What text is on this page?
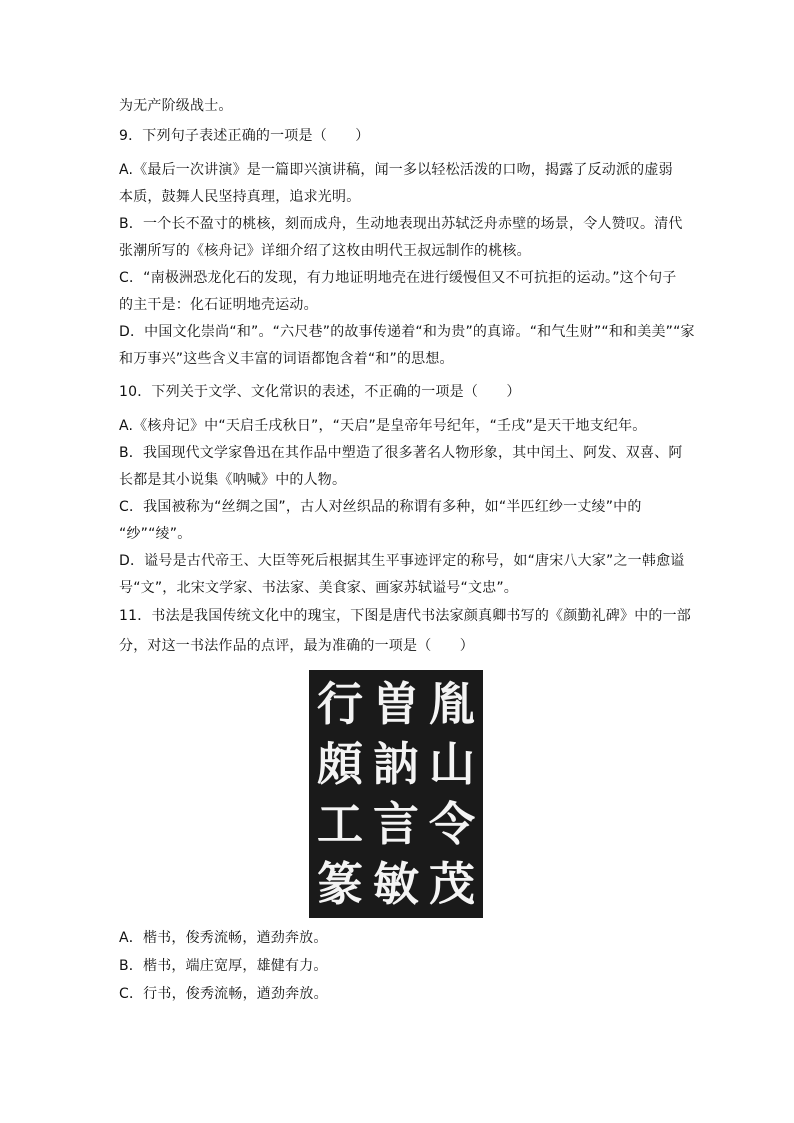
为无产阶级战士。
9．下列句子表述正确的一项是（　　）
A.《最后一次讲演》是一篇即兴演讲稿，闻一多以轻松活泼的口吻，揭露了反动派的虚弱
本质，鼓舞人民坚持真理，追求光明。
B．一个长不盈寸的桃核，刻而成舟，生动地表现出苏轼泛舟赤壁的场景，令人赞叹。清代
张潮所写的《核舟记》详细介绍了这枚由明代王叔远制作的桃核。
C．“南极洲恐龙化石的发现，有力地证明地壳在进行缓慢但又不可抗拒的运动。”这个句子
的主干是：化石证明地壳运动。
D．中国文化崇尚“和”。“六尺巷”的故事传递着“和为贵”的真谛。“和气生财”“和和美美”“家
和万事兴”这些含义丰富的词语都饱含着“和”的思想。
10．下列关于文学、文化常识的表述，不正确的一项是（　　）
A.《核舟记》中“天启壬戌秋日”，“天启”是皇帝年号纪年，“壬戌”是天干地支纪年。
B．我国现代文学家鲁迅在其作品中塑造了很多著名人物形象，其中闰土、阿发、双喜、阿
长都是其小说集《呐喊》中的人物。
C．我国被称为“丝绸之国”，古人对丝织品的称谓有多种，如“半匹红纱一丈绫”中的
“纱”“绫”。
D．谥号是古代帝王、大臣等死后根据其生平事迹评定的称号，如“唐宋八大家”之一韩愈谥
号“文”，北宋文学家、书法家、美食家、画家苏轼谥号“文忠”。
11．书法是我国传统文化中的瑰宝，下图是唐代书法家颜真卿书写的《颜勤礼碑》中的一部
分，对这一书法作品的点评，最为准确的一项是（　　）
A．楷书，俊秀流畅，遒劲奔放。
B．楷书，端庄宽厚，雄健有力。
C．行书，俊秀流畅，遒劲奔放。
行
頗
工
篆
曽
訥
言
敏
胤
山
令
茂
